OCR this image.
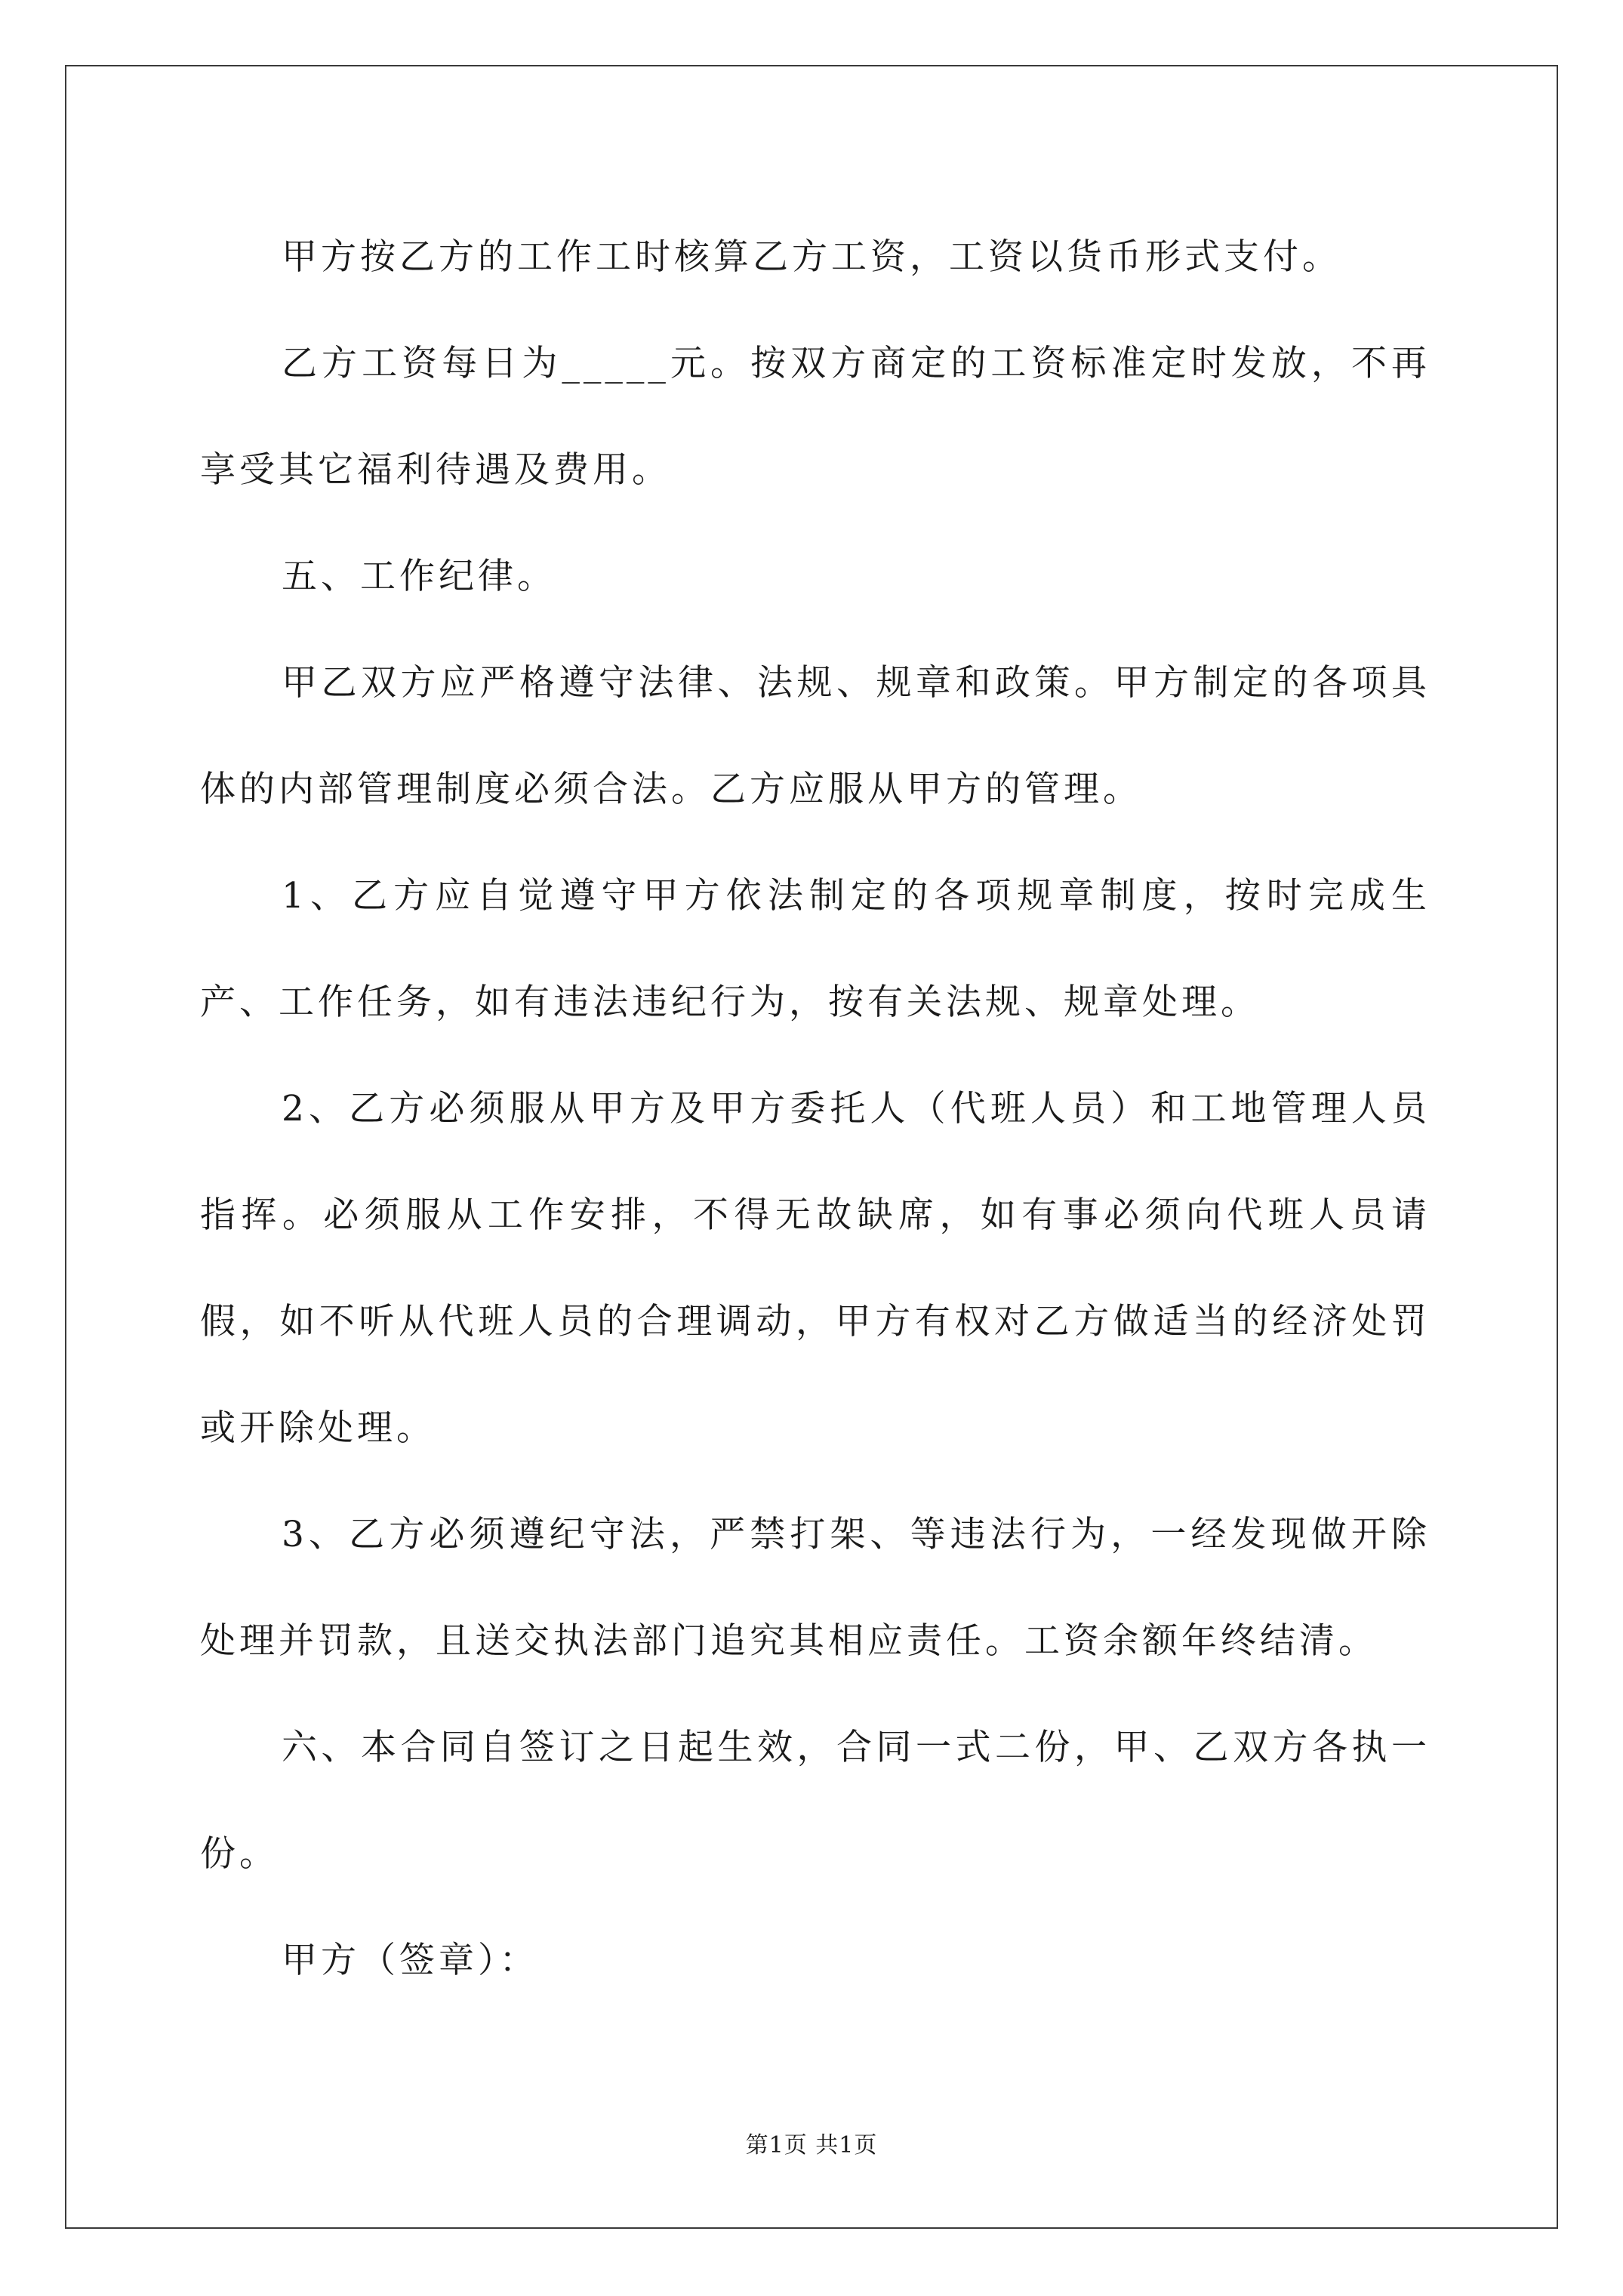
甲方按乙方的工作工时核算乙方工资，工资以货币形式支付。

乙方工资每日为_____元。按双方商定的工资标准定时发放，不再享受其它福利待遇及费用。

五、工作纪律。

甲乙双方应严格遵守法律、法规、规章和政策。甲方制定的各项具体的内部管理制度必须合法。乙方应服从甲方的管理。

1、乙方应自觉遵守甲方依法制定的各项规章制度，按时完成生产、工作任务，如有违法违纪行为，按有关法规、规章处理。

2、乙方必须服从甲方及甲方委托人（代班人员）和工地管理人员指挥。必须服从工作安排，不得无故缺席，如有事必须向代班人员请假，如不听从代班人员的合理调动，甲方有权对乙方做适当的经济处罚或开除处理。

3、乙方必须遵纪守法，严禁打架、等违法行为，一经发现做开除处理并罚款，且送交执法部门追究其相应责任。工资余额年终结清。

六、本合同自签订之日起生效，合同一式二份，甲、乙双方各执一份。

甲方（签章）：

第1页 共1页
